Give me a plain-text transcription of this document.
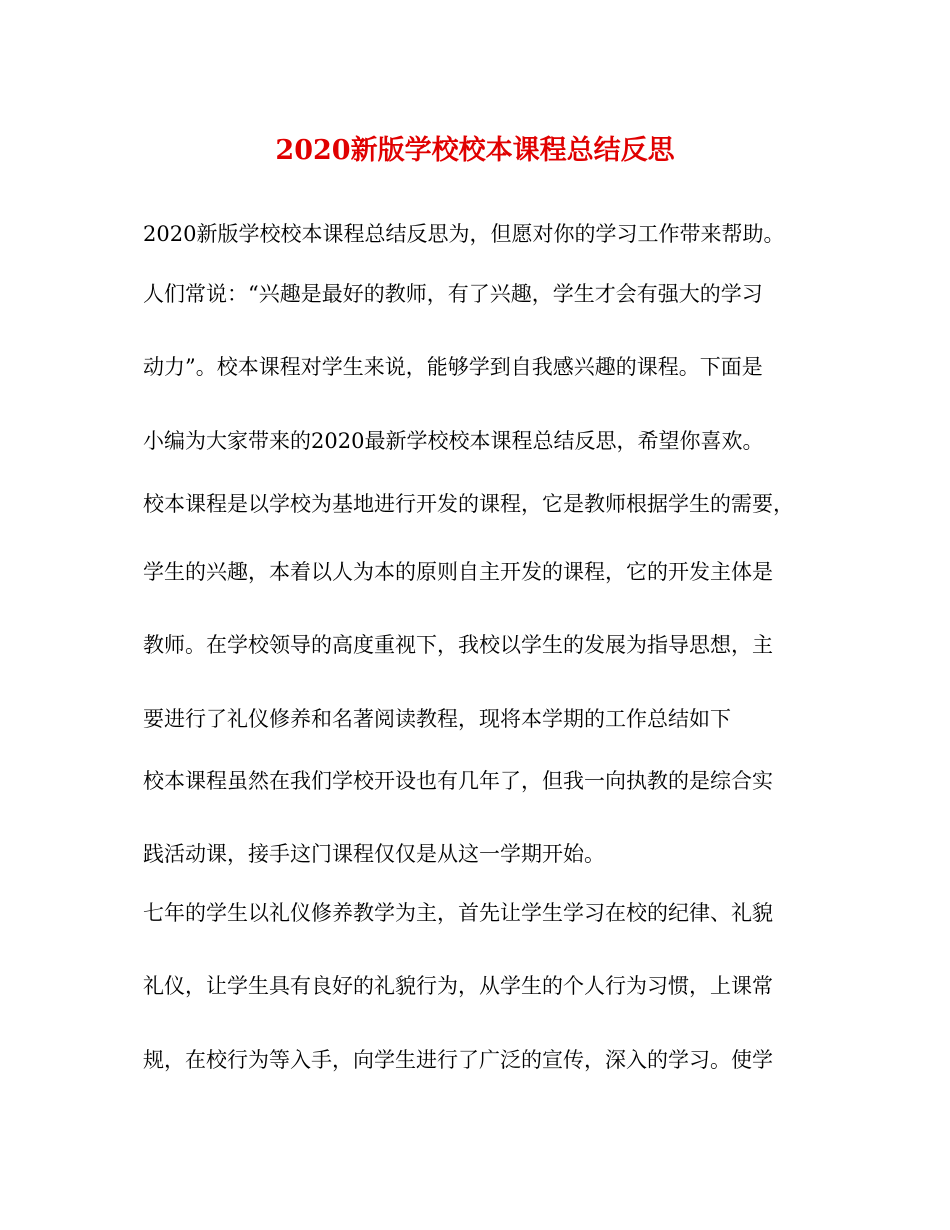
2020新版学校校本课程总结反思
2020新版学校校本课程总结反思为，但愿对你的学习工作带来帮助。
人们常说：“兴趣是最好的教师，有了兴趣，学生才会有强大的学习
动力”。校本课程对学生来说，能够学到自我感兴趣的课程。下面是
小编为大家带来的2020最新学校校本课程总结反思，希望你喜欢。
校本课程是以学校为基地进行开发的课程，它是教师根据学生的需要，
学生的兴趣，本着以人为本的原则自主开发的课程，它的开发主体是
教师。在学校领导的高度重视下，我校以学生的发展为指导思想，主
要进行了礼仪修养和名著阅读教程，现将本学期的工作总结如下
校本课程虽然在我们学校开设也有几年了，但我一向执教的是综合实
践活动课，接手这门课程仅仅是从这一学期开始。
七年的学生以礼仪修养教学为主，首先让学生学习在校的纪律、礼貌
礼仪，让学生具有良好的礼貌行为，从学生的个人行为习惯，上课常
规，在校行为等入手，向学生进行了广泛的宣传，深入的学习。使学
